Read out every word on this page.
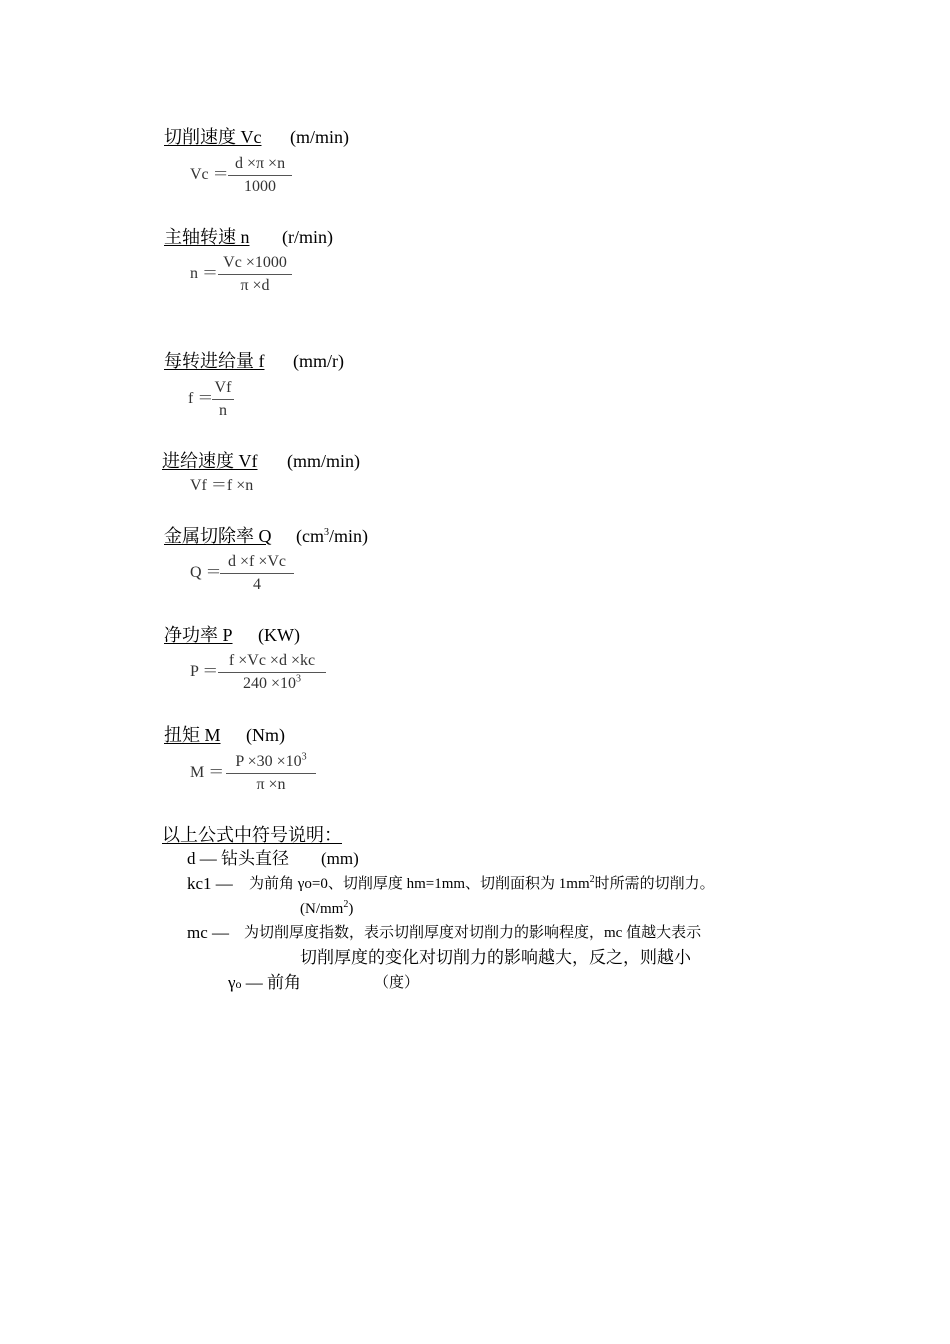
切削速度 Vc (m/min)
$Vc = \frac{d \times\pi \times n}{1000}$
主轴转速 n (r/min)
$n = \frac{Vc \times 1000}{\pi \times d}$
每转进给量 f (mm/r)
f ＝
$\frac{Vf}{n}$
进给速度 Vf (mm/min)
Vf ＝f ×n
金属切除率 Q $(cm^3/\min)$
Q ＝
$\frac{d \times f \times Vc}{4}$
净功率 P (KW)
$P = \frac{f \times Vc \times d \times kc}{240 \times 10^3}$
扭矩 M (Nm)
$M = \frac{P \times 30 \times 10^3}{\pi \times n}$
以上公式中符号说明：
d — 钻头直径 (mm)
kc1 — 为前角 γo=0、切削厚度 hm=1mm、切削面积为 $1mm^2$时所需的切削力。
$(N/mm^2)$
mc — 为切削厚度指数，表示切削厚度对切削力的影响程度，mc 值越大表示
切削厚度的变化对切削力的影响越大，反之，则越小
γo — 前角	（度）
